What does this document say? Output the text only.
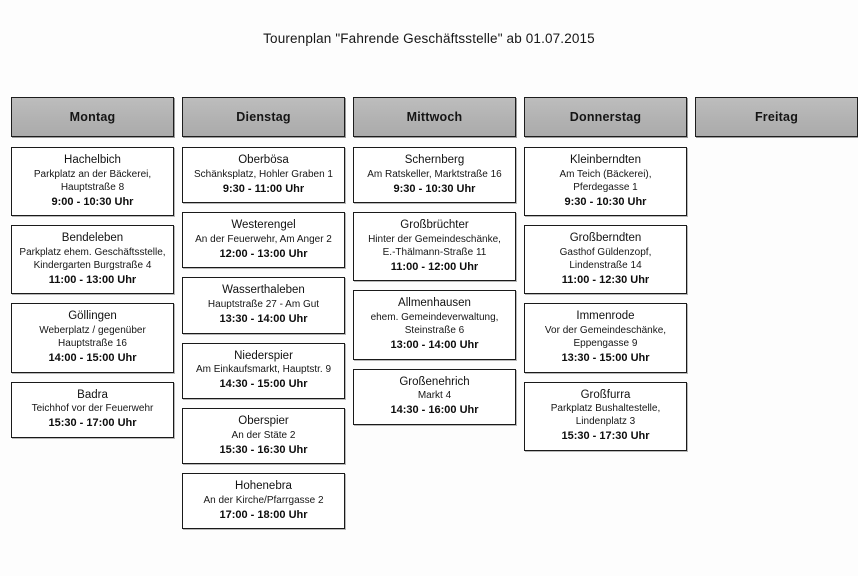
Tourenplan "Fahrende Geschäftsstelle" ab 01.07.2015
Montag
Hachelbich
Parkplatz an der Bäckerei,
Hauptstraße 8
9:00 - 10:30 Uhr
Bendeleben
Parkplatz ehem. Geschäftsstelle,
Kindergarten Burgstraße 4
11:00 - 13:00 Uhr
Göllingen
Weberplatz / gegenüber
Hauptstraße 16
14:00 - 15:00 Uhr
Badra
Teichhof vor der Feuerwehr
15:30 - 17:00 Uhr
Dienstag
Oberbösa
Schänksplatz, Hohler Graben 1
9:30 - 11:00 Uhr
Westerengel
An der Feuerwehr, Am Anger 2
12:00 - 13:00 Uhr
Wasserthaleben
Hauptstraße 27 - Am Gut
13:30 - 14:00 Uhr
Niederspier
Am Einkaufsmarkt, Hauptstr. 9
14:30 - 15:00 Uhr
Oberspier
An der Stäte 2
15:30 - 16:30 Uhr
Hohenebra
An der Kirche/Pfarrgasse 2
17:00 - 18:00 Uhr
Mittwoch
Schernberg
Am Ratskeller, Marktstraße 16
9:30 - 10:30 Uhr
Großbrüchter
Hinter der Gemeindeschänke,
E.-Thälmann-Straße 11
11:00 - 12:00 Uhr
Allmenhausen
ehem. Gemeindeverwaltung,
Steinstraße 6
13:00 - 14:00 Uhr
Großenehrich
Markt 4
14:30 - 16:00 Uhr
Donnerstag
Kleinberndten
Am Teich (Bäckerei),
Pferdegasse 1
9:30 - 10:30 Uhr
Großberndten
Gasthof Güldenzopf,
Lindenstraße 14
11:00 - 12:30 Uhr
Immenrode
Vor der Gemeindeschänke,
Eppengasse 9
13:30 - 15:00 Uhr
Großfurra
Parkplatz Bushaltestelle,
Lindenplatz 3
15:30 - 17:30 Uhr
Freitag
